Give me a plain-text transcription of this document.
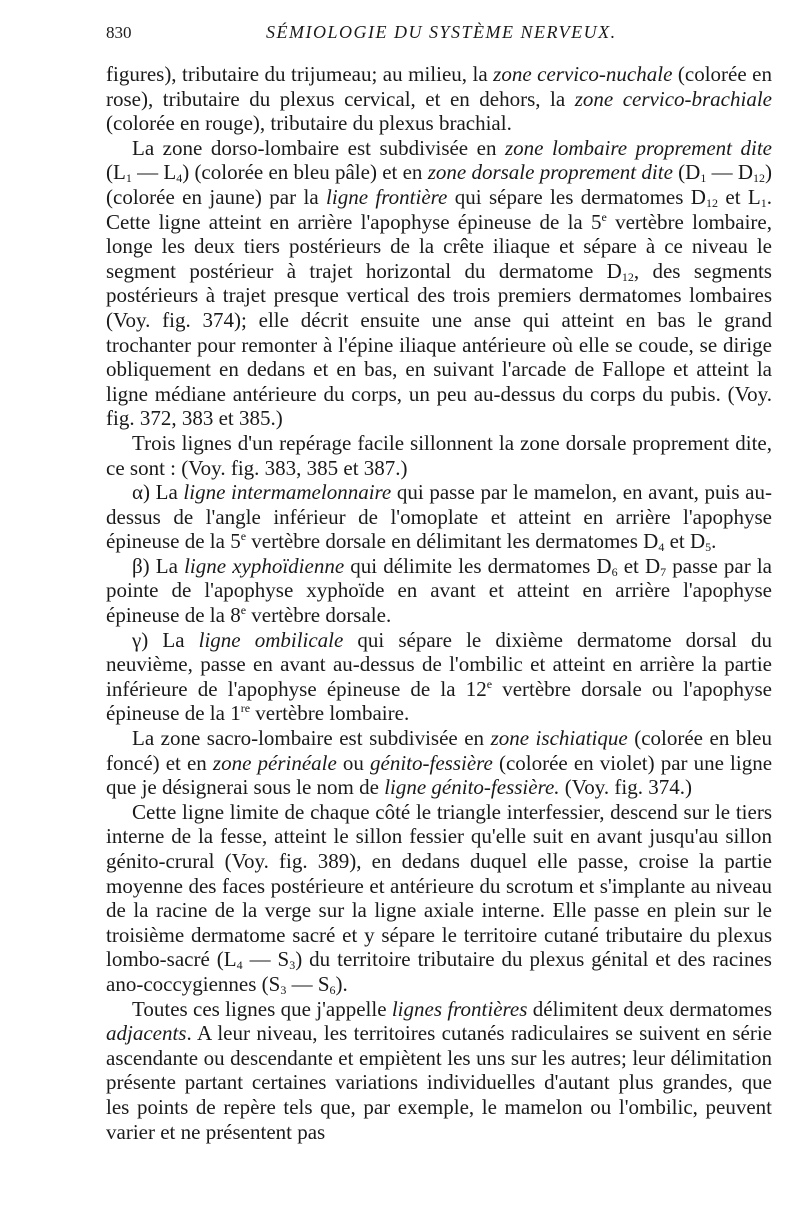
830	SÉMIOLOGIE DU SYSTÈME NERVEUX.

figures), tributaire du trijumeau; au milieu, la zone cervico-nuchale (colorée en rose), tributaire du plexus cervical, et en dehors, la zone cervico-brachiale (colorée en rouge), tributaire du plexus brachial.

La zone dorso-lombaire est subdivisée en zone lombaire proprement dite ($L_1$ — $L_4$) (colorée en bleu pâle) et en zone dorsale proprement dite ($D_1$ — $D_{12}$) (colorée en jaune) par la ligne frontière qui sépare les dermatomes $D_{12}$ et $L_1$. Cette ligne atteint en arrière l'apophyse épineuse de la 5e vertèbre lombaire, longe les deux tiers postérieurs de la crête iliaque et sépare à ce niveau le segment postérieur à trajet horizontal du dermatome $D_{12}$, des segments postérieurs à trajet presque vertical des trois premiers dermatomes lombaires (Voy. fig. 374); elle décrit ensuite une anse qui atteint en bas le grand trochanter pour remonter à l'épine iliaque antérieure où elle se coude, se dirige obliquement en dedans et en bas, en suivant l'arcade de Fallope et atteint la ligne médiane antérieure du corps, un peu au-dessus du corps du pubis. (Voy. fig. 372, 383 et 385.)

Trois lignes d'un repérage facile sillonnent la zone dorsale proprement dite, ce sont : (Voy. fig. 383, 385 et 387.)

α) La ligne intermamelonnaire qui passe par le mamelon, en avant, puis au-dessus de l'angle inférieur de l'omoplate et atteint en arrière l'apophyse épineuse de la 5e vertèbre dorsale en délimitant les dermatomes $D_4$ et $D_5$.

β) La ligne xyphoïdienne qui délimite les dermatomes $D_6$ et $D_7$ passe par la pointe de l'apophyse xyphoïde en avant et atteint en arrière l'apophyse épineuse de la 8e vertèbre dorsale.

γ) La ligne ombilicale qui sépare le dixième dermatome dorsal du neuvième, passe en avant au-dessus de l'ombilic et atteint en arrière la partie inférieure de l'apophyse épineuse de la 12e vertèbre dorsale ou l'apophyse épineuse de la 1re vertèbre lombaire.

La zone sacro-lombaire est subdivisée en zone ischiatique (colorée en bleu foncé) et en zone périnéale ou génito-fessière (colorée en violet) par une ligne que je désignerai sous le nom de ligne génito-fessière. (Voy. fig. 374.)

Cette ligne limite de chaque côté le triangle interfessier, descend sur le tiers interne de la fesse, atteint le sillon fessier qu'elle suit en avant jusqu'au sillon génito-crural (Voy. fig. 389), en dedans duquel elle passe, croise la partie moyenne des faces postérieure et antérieure du scrotum et s'implante au niveau de la racine de la verge sur la ligne axiale interne. Elle passe en plein sur le troisième dermatome sacré et y sépare le territoire cutané tributaire du plexus lombo-sacré ($L_4$ — $S_3$) du territoire tributaire du plexus génital et des racines ano-coccygiennes ($S_3$ — $S_6$).

Toutes ces lignes que j'appelle lignes frontières délimitent deux dermatomes adjacents. A leur niveau, les territoires cutanés radiculaires se suivent en série ascendante ou descendante et empiètent les uns sur les autres; leur délimitation présente partant certaines variations individuelles d'autant plus grandes, que les points de repère tels que, par exemple, le mamelon ou l'ombilic, peuvent varier et ne présentent pas
